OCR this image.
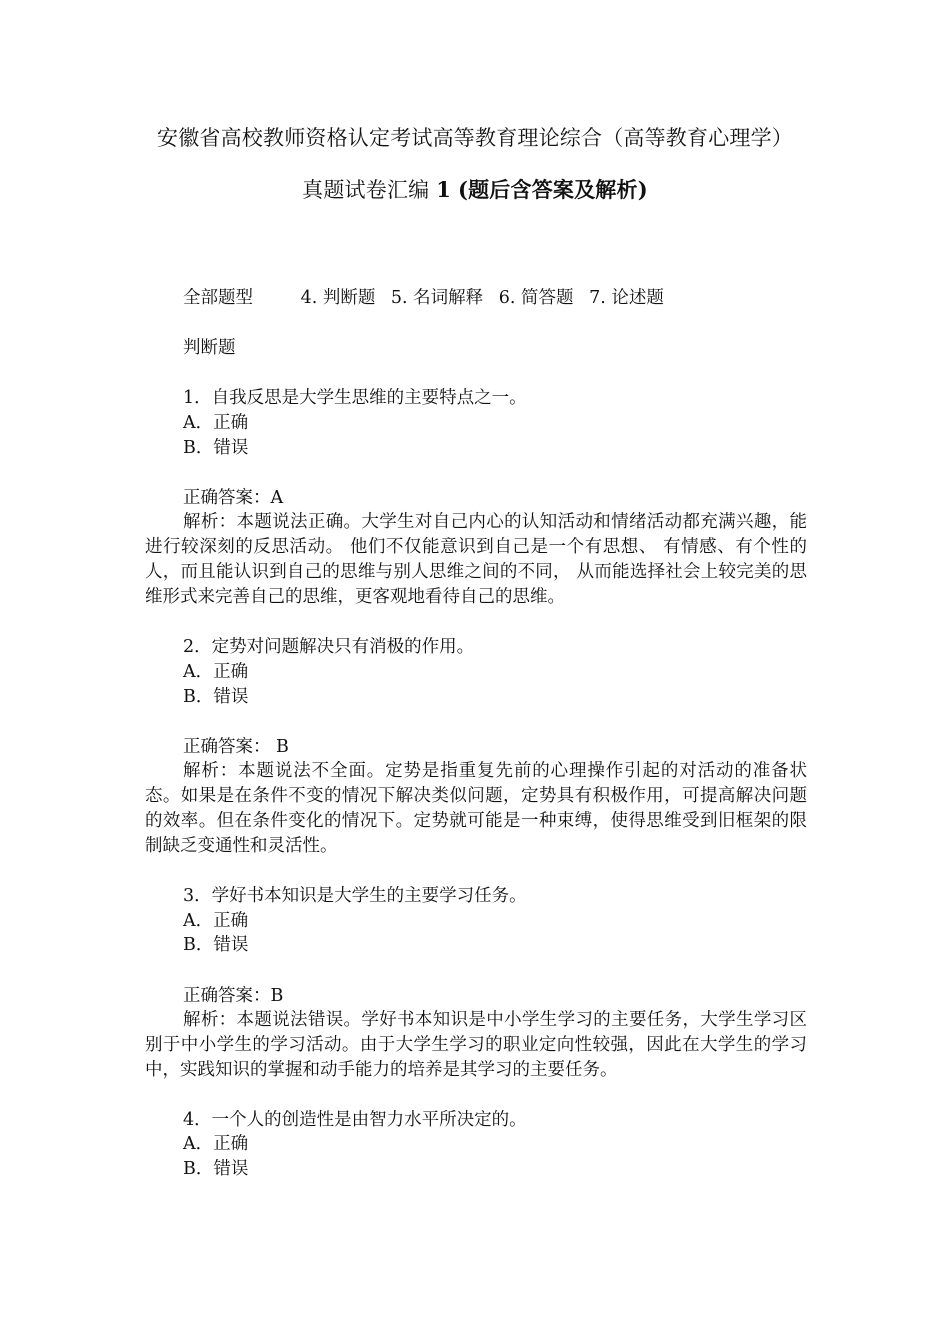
安徽省高校教师资格认定考试高等教育理论综合（高等教育心理学）
真题试卷汇编 1 (题后含答案及解析)
全部题型	4. 判断题 5. 名词解释 6. 简答题 7. 论述题
判断题
1．自我反思是大学生思维的主要特点之一。
A．正确
B．错误
正确答案：A
解析：本题说法正确。大学生对自己内心的认知活动和情绪活动都充满兴趣，能进行较深刻的反思活动。 他们不仅能意识到自己是一个有思想、 有情感、有个性的人，而且能认识到自己的思维与别人思维之间的不同， 从而能选择社会上较完美的思维形式来完善自己的思维，更客观地看待自己的思维。
2．定势对问题解决只有消极的作用。
A．正确
B．错误
正确答案： B
解析：本题说法不全面。定势是指重复先前的心理操作引起的对活动的准备状态。如果是在条件不变的情况下解决类似问题，定势具有积极作用，可提高解决问题的效率。但在条件变化的情况下。定势就可能是一种束缚，使得思维受到旧框架的限制缺乏变通性和灵活性。
3．学好书本知识是大学生的主要学习任务。
A．正确
B．错误
正确答案：B
解析：本题说法错误。学好书本知识是中小学生学习的主要任务，大学生学习区别于中小学生的学习活动。由于大学生学习的职业定向性较强，因此在大学生的学习中，实践知识的掌握和动手能力的培养是其学习的主要任务。
4．一个人的创造性是由智力水平所决定的。
A．正确
B．错误
